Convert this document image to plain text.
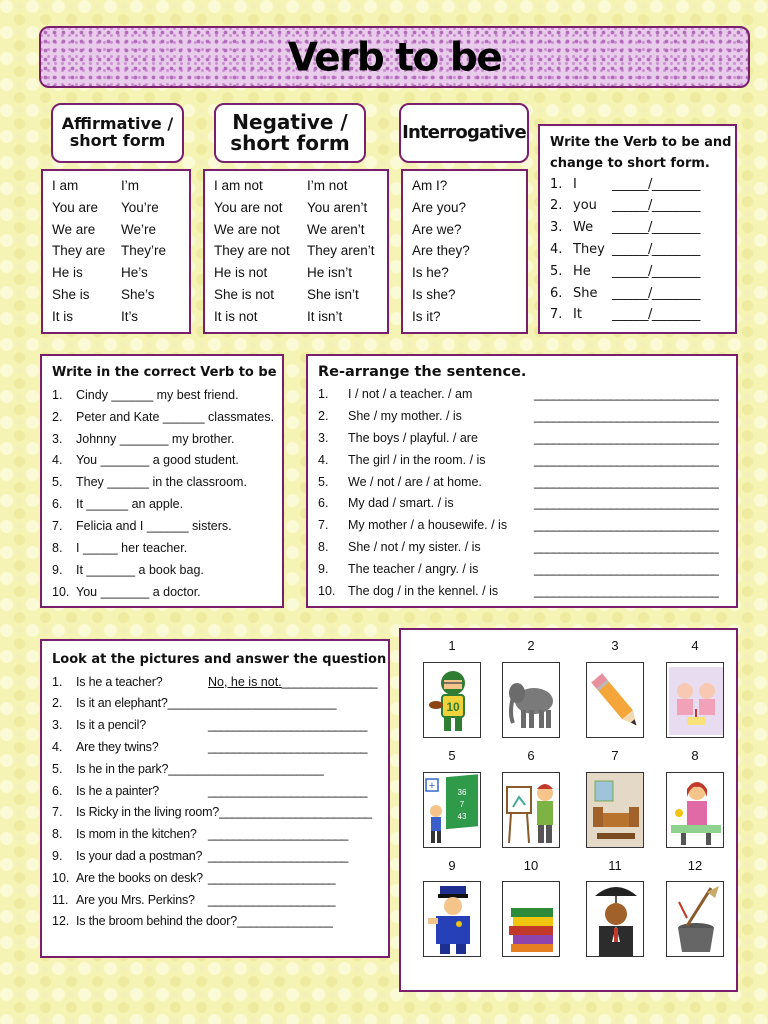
Verb to be
Affirmative /
short form
Negative /
short form	Interrogative
I am	I’m
You are	You’re
We are	We’re
They are	They’re
He is	He’s
She is	She’s
It is	It’s
I am not	I’m not
You are not	You aren’t
We are not	We aren’t
They are not	They aren’t
He is not	He isn’t
She is not	She isn’t
It is not	It isn’t
Am I?
Are you?
Are we?
Are they?
Is he?
Is she?
Is it?
Write the Verb to be and
change to short form.
1. I	______/________
2. you	______/________
3. We	______/________
4. They ______/________
5. He	______/________
6. She	______/________
7. It	______/________
Write in the correct Verb to be
1.	Cindy ______ my best friend.
2.	Peter and Kate ______ classmates.
3.	Johnny _______ my brother.
4.	You _______ a good student.
5.	They ______ in the classroom.
6.	It ______ an apple.
7.	Felicia and I ______ sisters.
8.	I _____ her teacher.
9.	It _______ a book bag.
10. You _______ a doctor.
Re-arrange the sentence.
1.	I / not / a teacher. / am	_____________________________
2.	She / my mother. / is	_____________________________
3.	The boys / playful. / are	_____________________________
4.	The girl / in the room. / is	_____________________________
5.	We / not / are / at home.	_____________________________
6.	My dad / smart. / is	_____________________________
7.	My mother / a housewife. / is	_____________________________
8.	She / not / my sister. / is	_____________________________
9.	The teacher / angry. / is	_____________________________
10.	The dog / in the kennel. / is	_____________________________
Look at the pictures and answer the question
1.	Is he a teacher?	No, he is not. _______________
2.	Is it an elephant?_________________________
3.	Is it a pencil?	_________________________
4.	Are they twins?	_________________________
5.	Is he in the park?_______________________
6.	Is he a painter?	_________________________
7.	Is Ricky in the living room? ________________________
8.	Is mom in the kitchen? ______________________
9.	Is your dad a postman? ______________________
10. Are the books on desk? ____________________
11. Are you Mrs. Perkins?	____________________
12. Is the broom behind the door? _______________
1
10
2	3	4
5
36
7
43
+
6	7	8
9	10	11	12
